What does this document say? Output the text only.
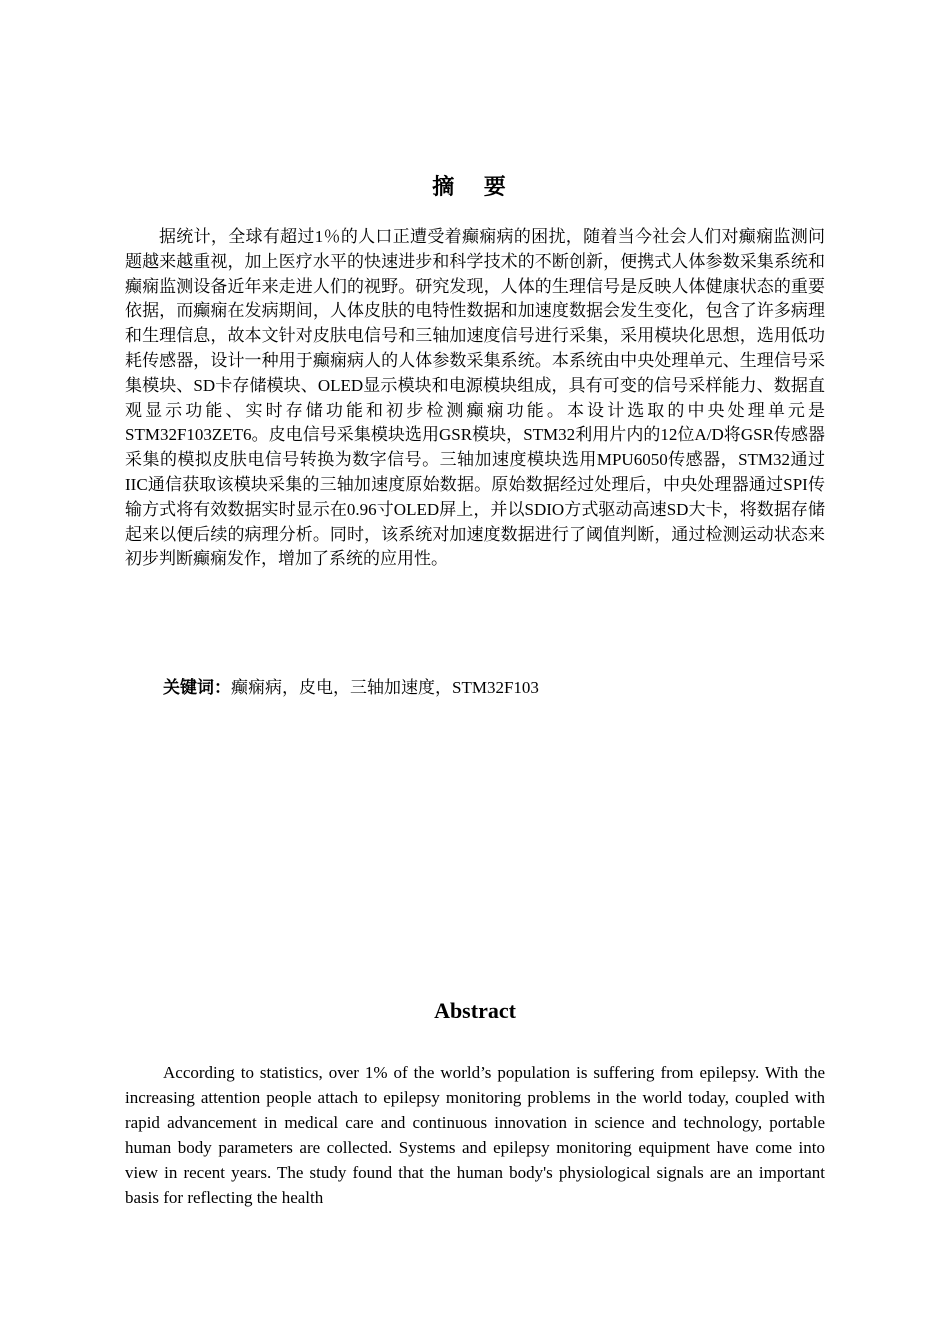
摘 要

据统计，全球有超过1％的人口正遭受着癫痫病的困扰，随着当今社会人们对癫痫监测问题越来越重视，加上医疗水平的快速进步和科学技术的不断创新，便携式人体参数采集系统和癫痫监测设备近年来走进人们的视野。研究发现，人体的生理信号是反映人体健康状态的重要依据，而癫痫在发病期间，人体皮肤的电特性数据和加速度数据会发生变化，包含了许多病理和生理信息，故本文针对皮肤电信号和三轴加速度信号进行采集，采用模块化思想，选用低功耗传感器，设计一种用于癫痫病人的人体参数采集系统。本系统由中央处理单元、生理信号采集模块、SD卡存储模块、OLED显示模块和电源模块组成，具有可变的信号采样能力、数据直观显示功能、实时存储功能和初步检测癫痫功能。本设计选取的中央处理单元是STM32F103ZET6。皮电信号采集模块选用GSR模块，STM32利用片内的12位A/D将GSR传感器采集的模拟皮肤电信号转换为数字信号。三轴加速度模块选用MPU6050传感器，STM32通过IIC通信获取该模块采集的三轴加速度原始数据。原始数据经过处理后，中央处理器通过SPI传输方式将有效数据实时显示在0.96寸OLED屏上，并以SDIO方式驱动高速SD大卡，将数据存储起来以便后续的病理分析。同时，该系统对加速度数据进行了阈值判断，通过检测运动状态来初步判断癫痫发作，增加了系统的应用性。

关键词：癫痫病，皮电，三轴加速度，STM32F103

Abstract

According to statistics, over 1% of the world’s population is suffering from epilepsy. With the increasing attention people attach to epilepsy monitoring problems in the world today, coupled with rapid advancement in medical care and continuous innovation in science and technology, portable human body parameters are collected. Systems and epilepsy monitoring equipment have come into view in recent years. The study found that the human body's physiological signals are an important basis for reflecting the health
